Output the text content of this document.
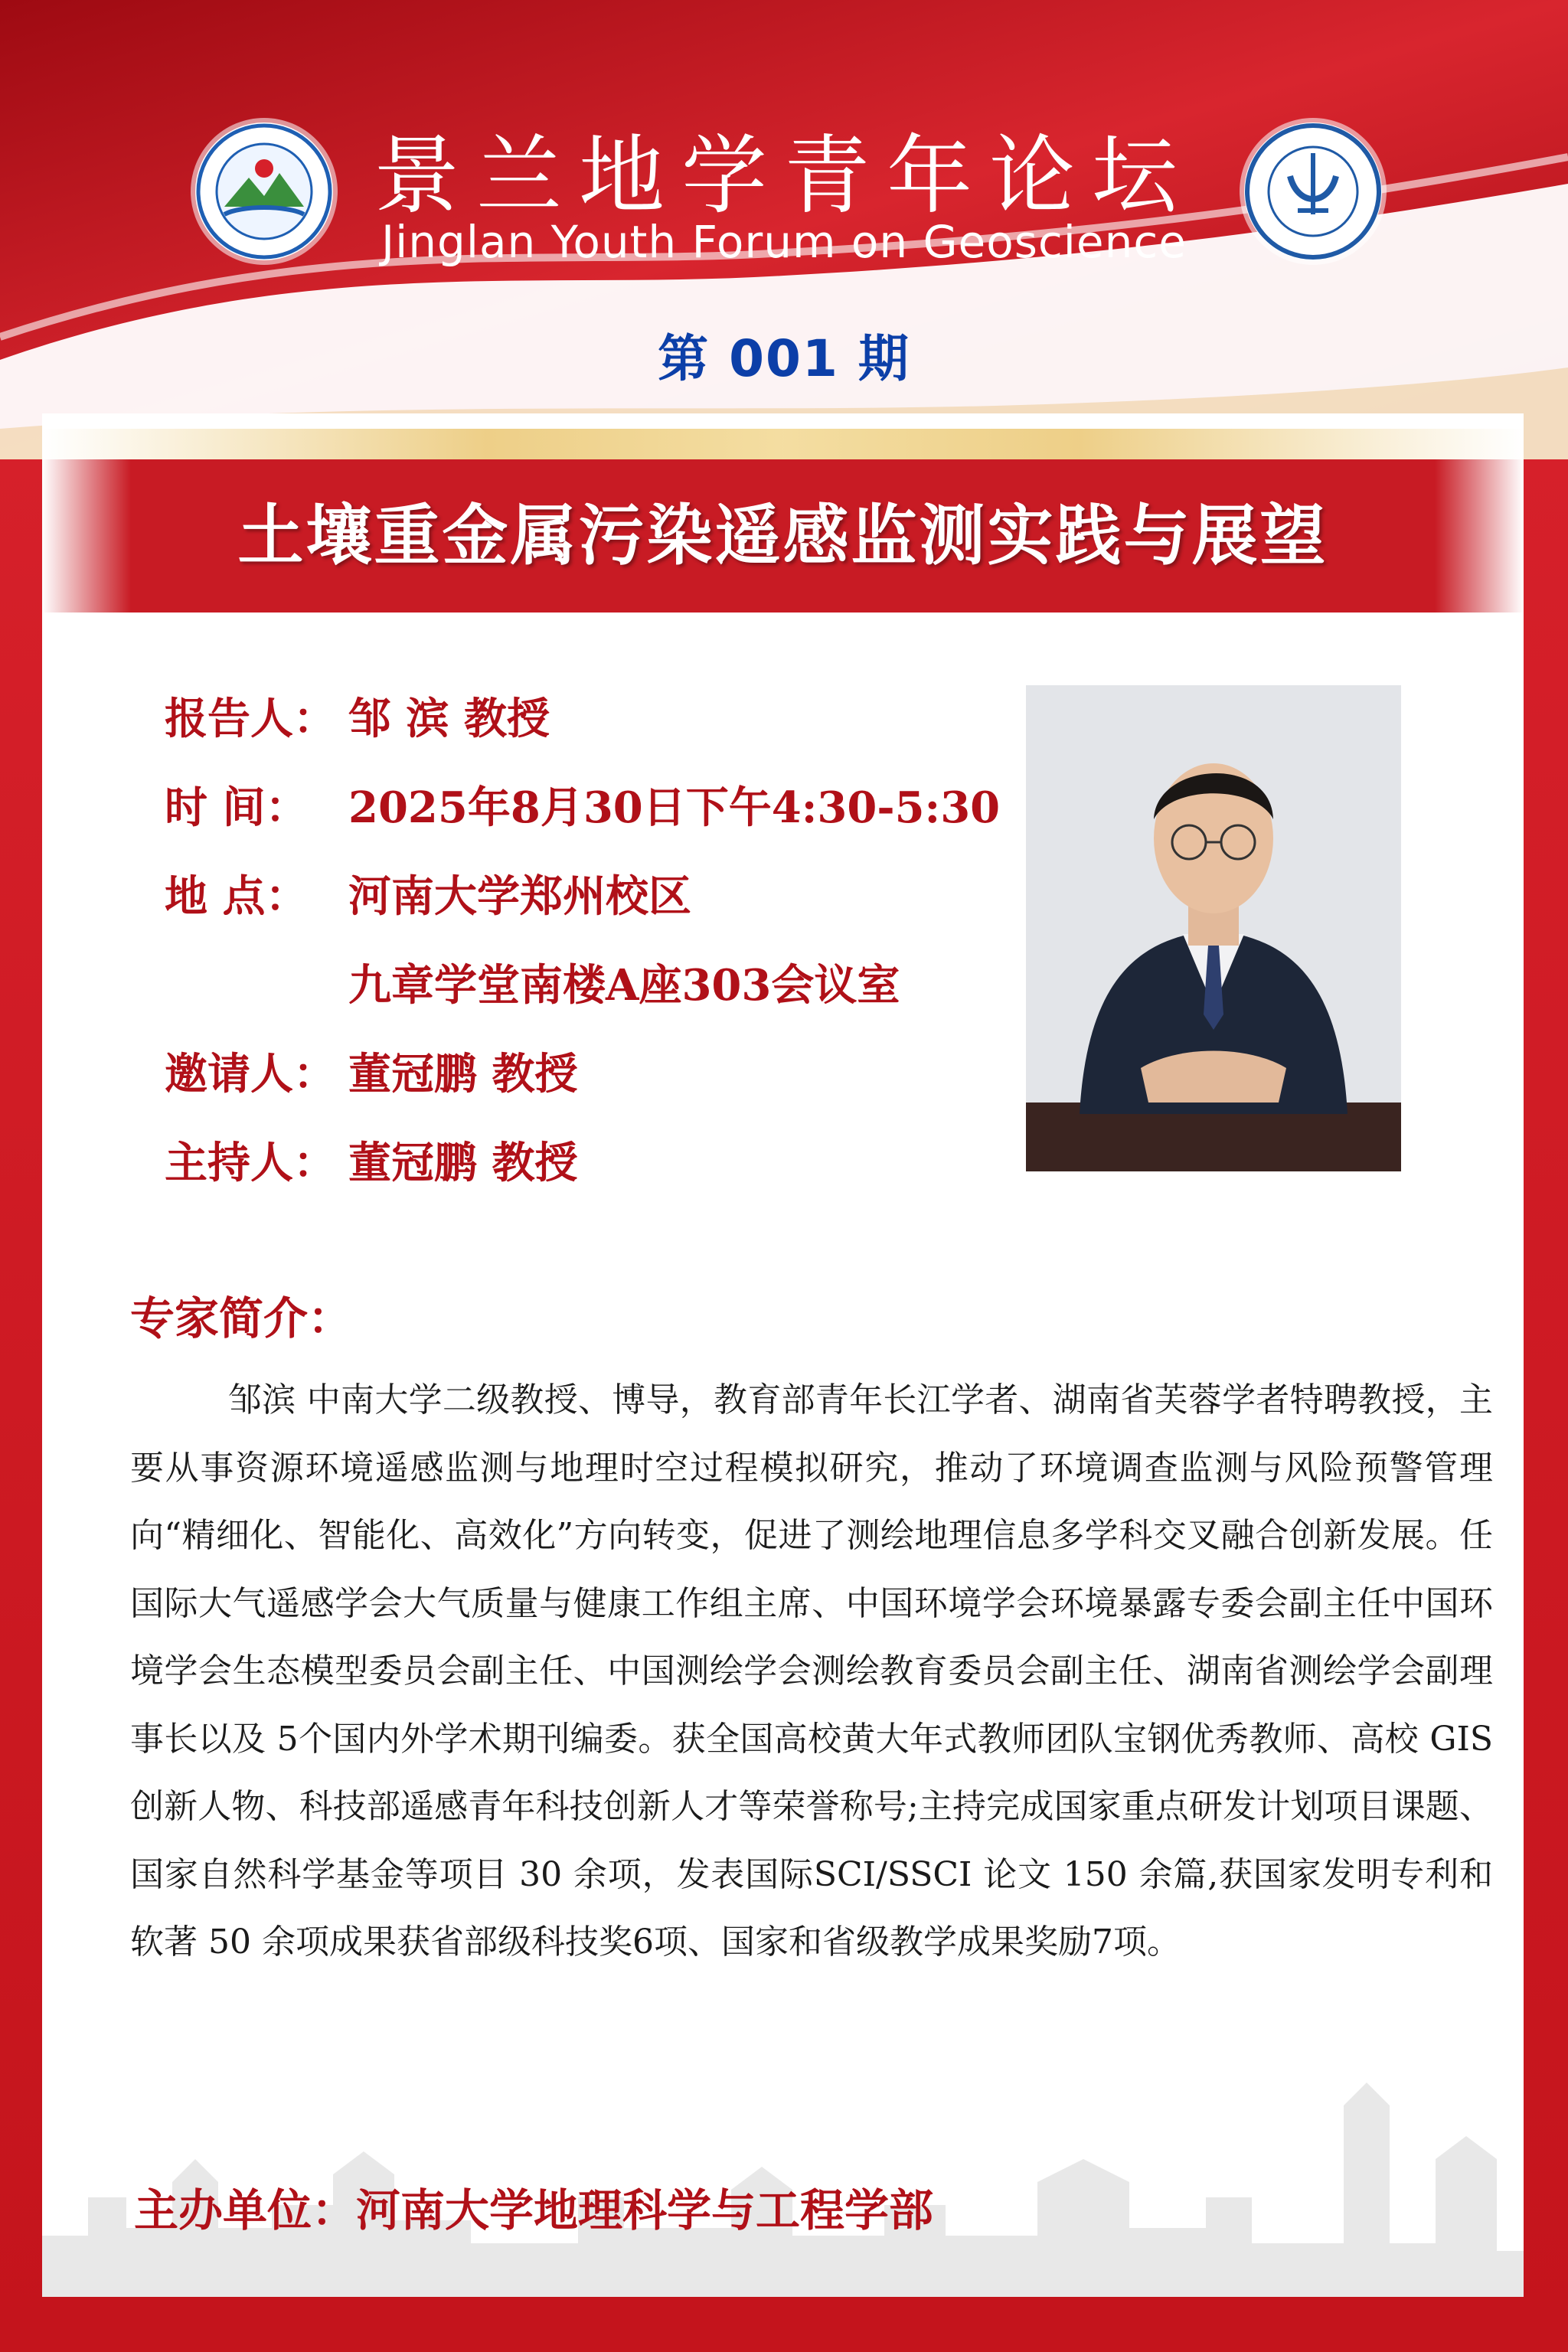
景兰地学青年论坛
Jinglan Youth Forum on Geoscience
第 001 期
土壤重金属污染遥感监测实践与展望
报告人： 邹 滨 教授
时 间： 2025年8月30日下午4:30-5:30
地 点： 河南大学郑州校区
九章学堂南楼A座303会议室
邀请人： 董冠鹏 教授
主持人： 董冠鹏 教授
专家简介：
邹滨 中南大学二级教授、博导，教育部青年长江学者、湖南省芙蓉学者特聘教授，主要从事资源环境遥感监测与地理时空过程模拟研究，推动了环境调查监测与风险预警管理向“精细化、智能化、高效化”方向转变，促进了测绘地理信息多学科交叉融合创新发展。任国际大气遥感学会大气质量与健康工作组主席、中国环境学会环境暴露专委会副主任中国环境学会生态模型委员会副主任、中国测绘学会测绘教育委员会副主任、湖南省测绘学会副理事长以及 5个国内外学术期刊编委。获全国高校黄大年式教师团队宝钢优秀教师、高校 GIS 创新人物、科技部遥感青年科技创新人才等荣誉称号;主持完成国家重点研发计划项目课题、国家自然科学基金等项目 30 余项，发表国际SCI/SSCI 论文 150 余篇,获国家发明专利和软著 50 余项成果获省部级科技奖6项、国家和省级教学成果奖励7项。
主办单位：河南大学地理科学与工程学部
